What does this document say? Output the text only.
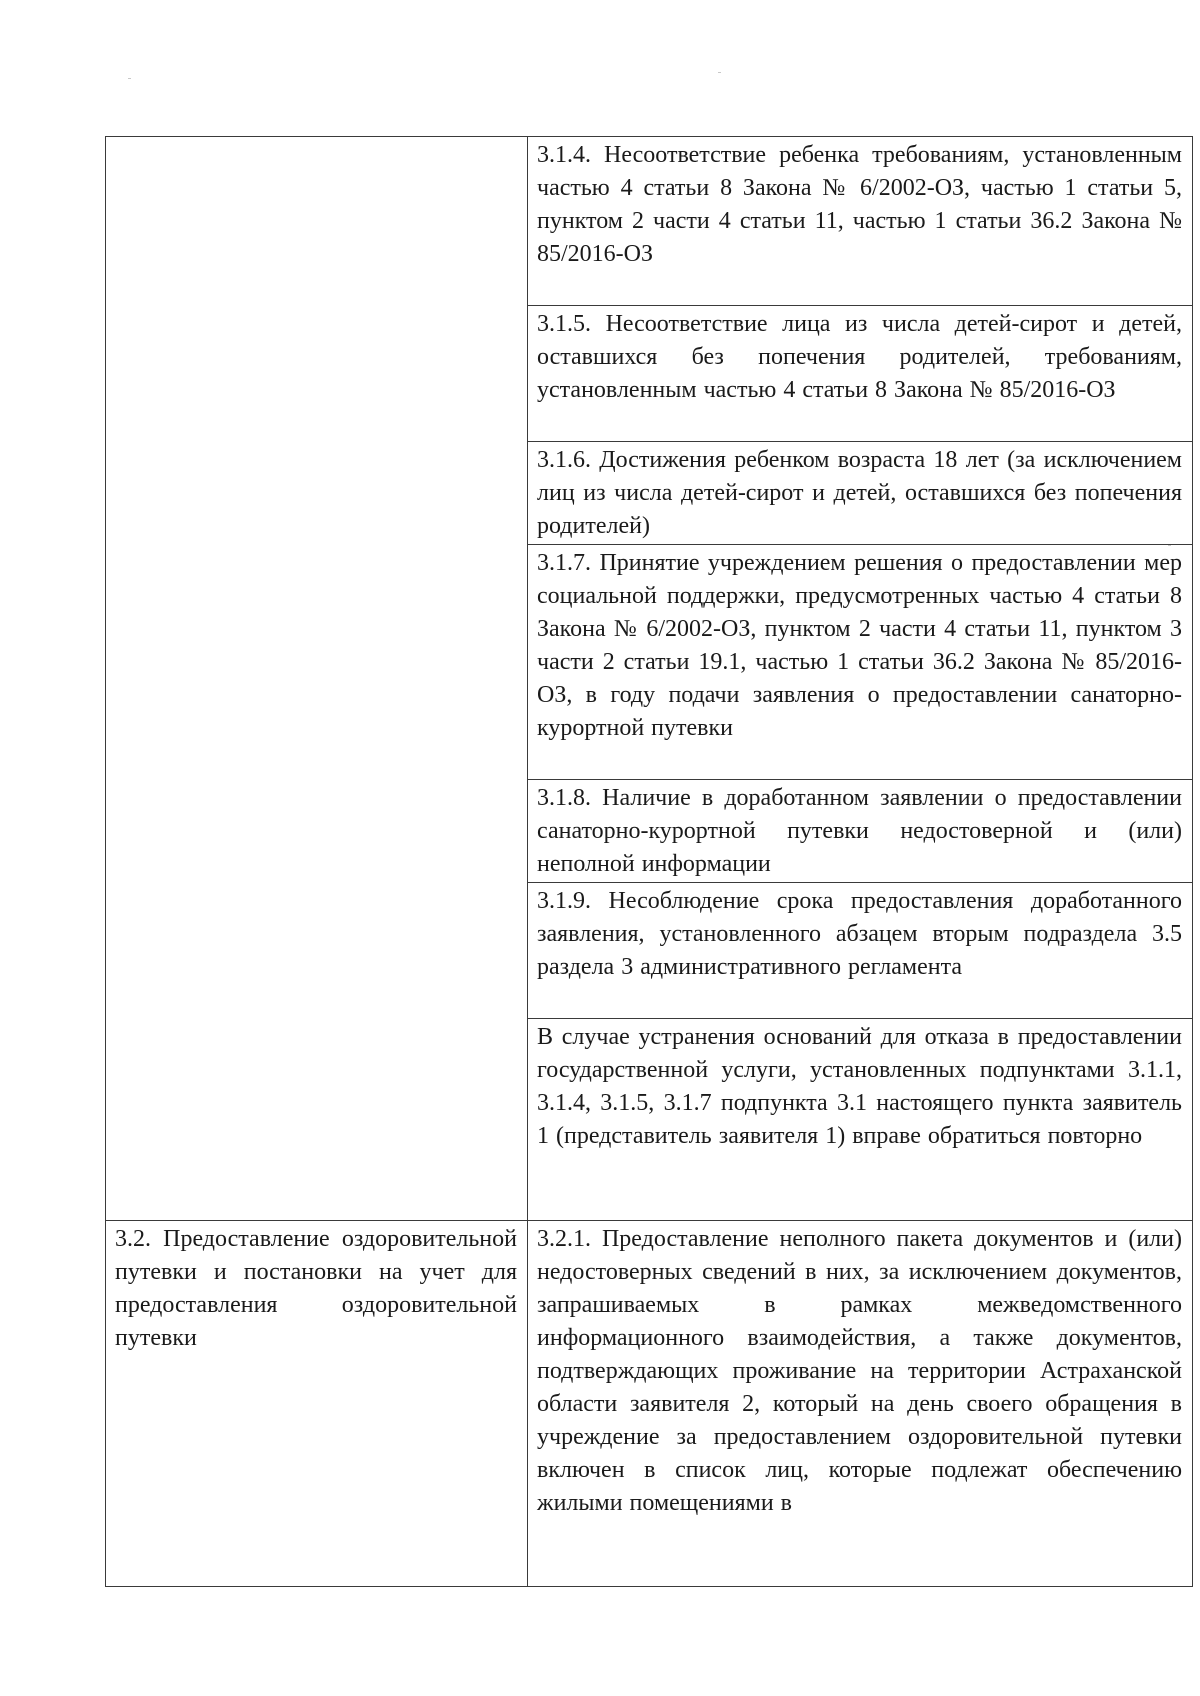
	3.1.4. Несоответствие ребенка требованиям, установленным частью 4 статьи 8 Закона № 6/2002-ОЗ, частью 1 статьи 5, пунктом 2 части 4 статьи 11, частью 1 статьи 36.2 Закона № 85/2016-ОЗ

	3.1.5. Несоответствие лица из числа детей-сирот и детей, оставшихся без попечения родителей, требованиям, установленным частью 4 статьи 8 Закона № 85/2016-ОЗ

	3.1.6. Достижения ребенком возраста 18 лет (за исключением лиц из числа детей-сирот и детей, оставшихся без попечения родителей)

	3.1.7. Принятие учреждением решения о предоставлении мер социальной поддержки, предусмотренных частью 4 статьи 8 Закона № 6/2002-ОЗ, пунктом 2 части 4 статьи 11, пунктом 3 части 2 статьи 19.1, частью 1 статьи 36.2 Закона № 85/2016-ОЗ, в году подачи заявления о предоставлении санаторно-курортной путевки

	3.1.8. Наличие в доработанном заявлении о предоставлении санаторно-курортной путевки недостоверной и (или) неполной информации

	3.1.9. Несоблюдение срока предоставления доработанного заявления, установленного абзацем вторым подраздела 3.5 раздела 3 административного регламента

	В случае устранения оснований для отказа в предоставлении государственной услуги, установленных подпунктами 3.1.1, 3.1.4, 3.1.5, 3.1.7 подпункта 3.1 настоящего пункта заявитель 1 (представитель заявителя 1) вправе обратиться повторно

3.2. Предоставление оздоровительной путевки и постановки на учет для предоставления оздоровительной путевки	3.2.1. Предоставление неполного пакета документов и (или) недостоверных сведений в них, за исключением документов, запрашиваемых в рамках межведомственного информационного взаимодействия, а также документов, подтверждающих проживание на территории Астраханской области заявителя 2, который на день своего обращения в учреждение за предоставлением оздоровительной путевки включен в список лиц, которые подлежат обеспечению жилыми помещениями в
